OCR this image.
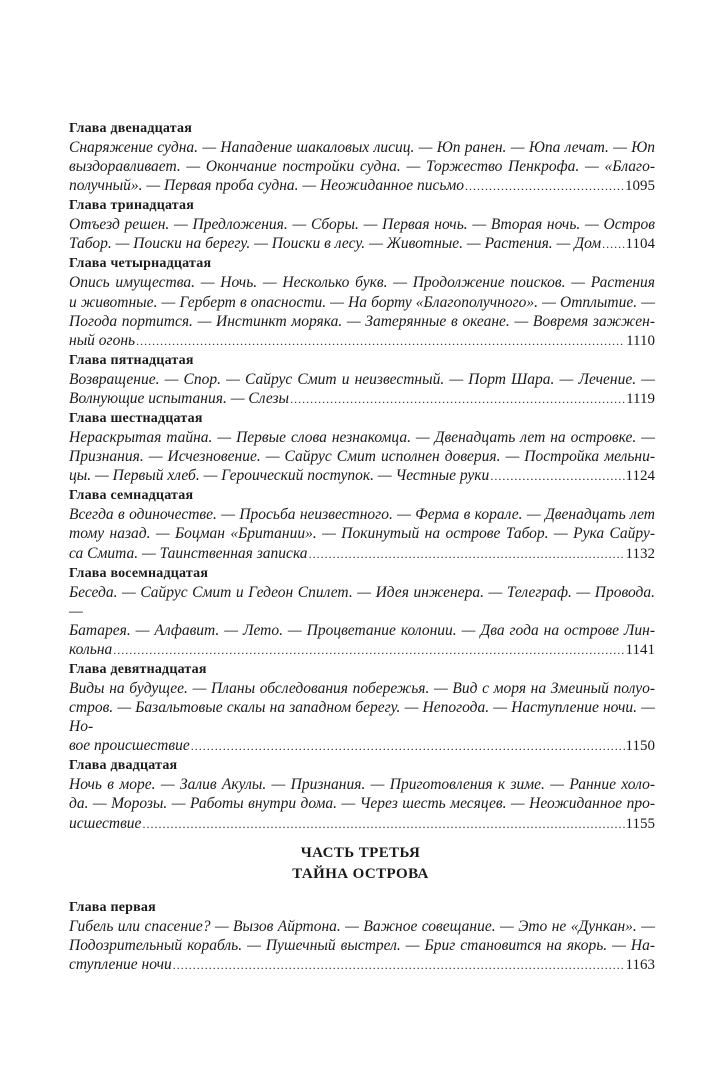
Глава двенадцатая
Снаряжение судна. — Нападение шакаловых лисиц. — Юп ранен. — Юпа лечат. — Юп
выздоравливает. — Окончание постройки судна. — Торжество Пенкрофа. — «Благо-
получный». — Первая проба судна. — Неожиданное письмо .....	1095
Глава тринадцатая
Отъезд решен. — Предложения. — Сборы. — Первая ночь. — Вторая ночь. — Остров
Табор. — Поиски на берегу. — Поиски в лесу. — Животные. — Растения. — Дом ..... 1104
Глава четырнадцатая
Опись имущества. — Ночь. — Несколько букв. — Продолжение поисков. — Растения
и животные. — Герберт в опасности. — На борту «Благополучного». — Отплытие. —
Погода портится. — Инстинкт моряка. — Затерянные в океане. — Вовремя зажжен-
ный огонь .....	1110
Глава пятнадцатая
Возвращение. — Спор. — Сайрус Смит и неизвестный. — Порт Шара. — Лечение. —
Волнующие испытания. — Слезы .....	1119
Глава шестнадцатая
Нераскрытая тайна. — Первые слова незнакомца. — Двенадцать лет на островке. —
Признания. — Исчезновение. — Сайрус Смит исполнен доверия. — Постройка мельни-
цы. — Первый хлеб. — Героический поступок. — Честные руки .....	1124
Глава семнадцатая
Всегда в одиночестве. — Просьба неизвестного. — Ферма в корале. — Двенадцать лет
тому назад. — Боцман «Британии». — Покинутый на острове Табор. — Рука Сайру-
са Смита. — Таинственная записка .....	1132
Глава восемнадцатая
Беседа. — Сайрус Смит и Гедеон Спилет. — Идея инженера. — Телеграф. — Провода. —
Батарея. — Алфавит. — Лето. — Процветание колонии. — Два года на острове Лин-
кольна .....	1141
Глава девятнадцатая
Виды на будущее. — Планы обследования побережья. — Вид с моря на Змеиный полуо-
стров. — Базальтовые скалы на западном берегу. — Непогода. — Наступление ночи. — Но-
вое происшествие .....	1150
Глава двадцатая
Ночь в море. — Залив Акулы. — Признания. — Приготовления к зиме. — Ранние холо-
да. — Морозы. — Работы внутри дома. — Через шесть месяцев. — Неожиданное про-
исшествие .....	1155
ЧАСТЬ ТРЕТЬЯ
ТАЙНА ОСТРОВА
Глава первая
Гибель или спасение? — Вызов Айртона. — Важное совещание. — Это не «Дункан». —
Подозрительный корабль. — Пушечный выстрел. — Бриг становится на якорь. — На-
ступление ночи .....	1163
